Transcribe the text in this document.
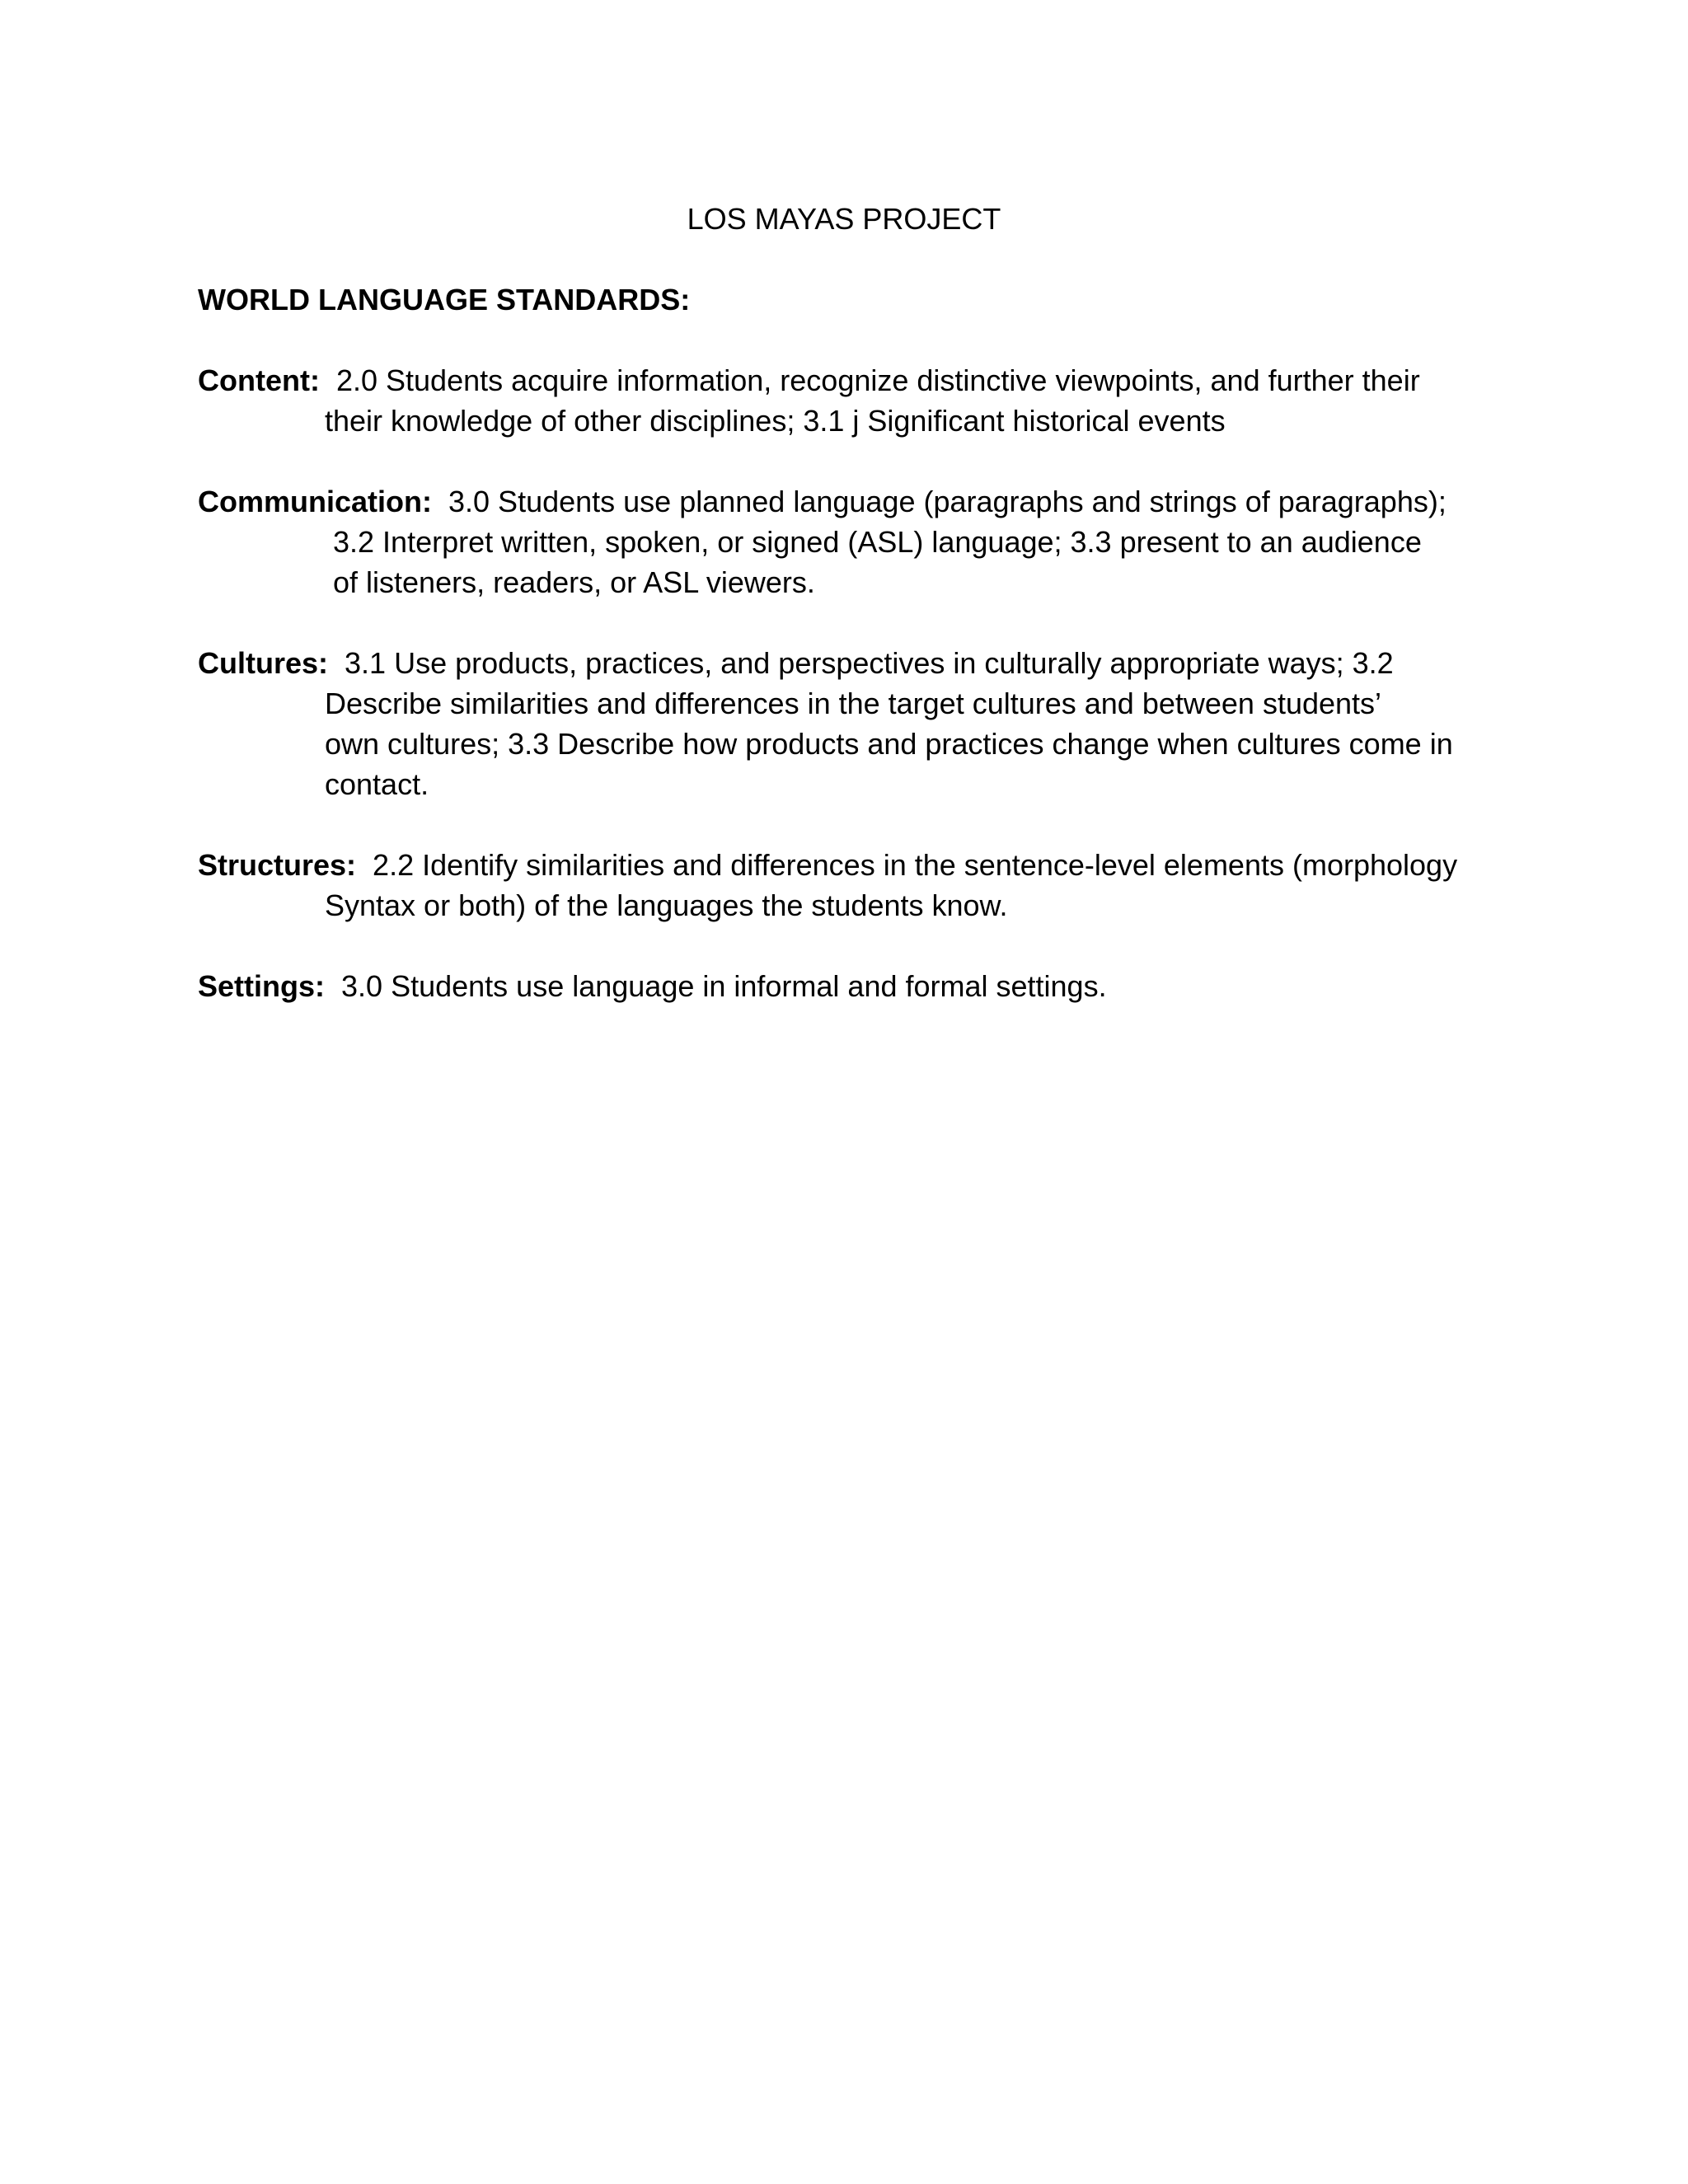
LOS MAYAS PROJECT
WORLD LANGUAGE STANDARDS:
Content:  2.0 Students acquire information, recognize distinctive viewpoints, and further their
their knowledge of other disciplines; 3.1 j Significant historical events
Communication:  3.0 Students use planned language (paragraphs and strings of paragraphs);
3.2 Interpret written, spoken, or signed (ASL) language; 3.3 present to an audience
of listeners, readers, or ASL viewers.
Cultures:  3.1 Use products, practices, and perspectives in culturally appropriate ways; 3.2
Describe similarities and differences in the target cultures and between students’
own cultures; 3.3 Describe how products and practices change when cultures come in
contact.
Structures:  2.2 Identify similarities and differences in the sentence-level elements (morphology
Syntax or both) of the languages the students know.
Settings:  3.0 Students use language in informal and formal settings.
